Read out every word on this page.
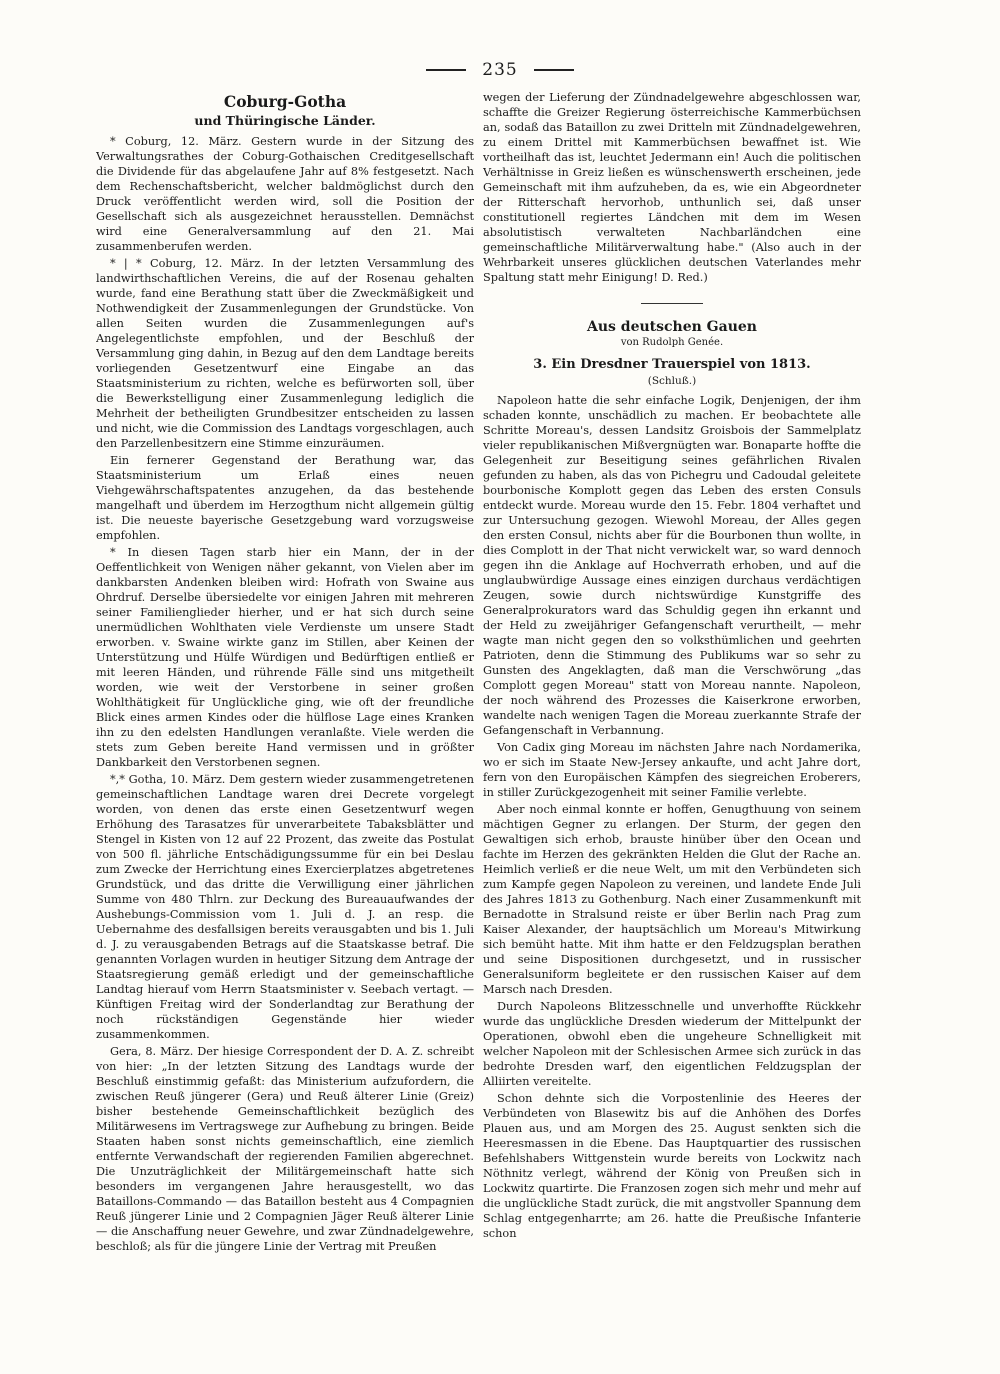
235
Coburg-Gotha
und Thüringische Länder.

* Coburg, 12. März. Gestern wurde in der Sitzung des Verwaltungsrathes der Coburg-Gothaischen Creditgesellschaft die Dividende für das abgelaufene Jahr auf 8% festgesetzt. Nach dem Rechenschaftsbericht, welcher baldmöglichst durch den Druck veröffentlicht werden wird, soll die Position der Gesellschaft sich als ausgezeichnet herausstellen. Demnächst wird eine Generalversammlung auf den 21. Mai zusammenberufen werden.

* | * Coburg, 12. März. In der letzten Versammlung des landwirthschaftlichen Vereins, die auf der Rosenau gehalten wurde, fand eine Berathung statt über die Zweckmäßigkeit und Nothwendigkeit der Zusammenlegungen der Grundstücke. Von allen Seiten wurden die Zusammenlegungen auf's Angelegentlichste empfohlen, und der Beschluß der Versammlung ging dahin, in Bezug auf den dem Landtage bereits vorliegenden Gesetzentwurf eine Eingabe an das Staatsministerium zu richten, welche es befürworten soll, über die Bewerkstelligung einer Zusammenlegung lediglich die Mehrheit der betheiligten Grundbesitzer entscheiden zu lassen und nicht, wie die Commission des Landtags vorgeschlagen, auch den Parzellenbesitzern eine Stimme einzuräumen.

Ein fernerer Gegenstand der Berathung war, das Staatsministerium um Erlaß eines neuen Viehgewährschaftspatentes anzugehen, da das bestehende mangelhaft und überdem im Herzogthum nicht allgemein gültig ist. Die neueste bayerische Gesetzgebung ward vorzugsweise empfohlen.

* In diesen Tagen starb hier ein Mann, der in der Oeffentlichkeit von Wenigen näher gekannt, von Vielen aber im dankbarsten Andenken bleiben wird: Hofrath von Swaine aus Ohrdruf. Derselbe übersiedelte vor einigen Jahren mit mehreren seiner Familienglieder hierher, und er hat sich durch seine unermüdlichen Wohlthaten viele Verdienste um unsere Stadt erworben. v. Swaine wirkte ganz im Stillen, aber Keinen der Unterstützung und Hülfe Würdigen und Bedürftigen entließ er mit leeren Händen, und rührende Fälle sind uns mitgetheilt worden, wie weit der Verstorbene in seiner großen Wohlthätigkeit für Unglückliche ging, wie oft der freundliche Blick eines armen Kindes oder die hülflose Lage eines Kranken ihn zu den edelsten Handlungen veranlaßte. Viele werden die stets zum Geben bereite Hand vermissen und in größter Dankbarkeit den Verstorbenen segnen.

*,* Gotha, 10. März. Dem gestern wieder zusammengetretenen gemeinschaftlichen Landtage waren drei Decrete vorgelegt worden, von denen das erste einen Gesetzentwurf wegen Erhöhung des Tarasatzes für unverarbeitete Tabaksblätter und Stengel in Kisten von 12 auf 22 Prozent, das zweite das Postulat von 500 fl. jährliche Entschädigungssumme für ein bei Deslau zum Zwecke der Herrichtung eines Exercierplatzes abgetretenes Grundstück, und das dritte die Verwilligung einer jährlichen Summe von 480 Thlrn. zur Deckung des Bureauaufwandes der Aushebungs-Commission vom 1. Juli d. J. an resp. die Uebernahme des desfallsigen bereits verausgabten und bis 1. Juli d. J. zu verausgabenden Betrags auf die Staatskasse betraf. Die genannten Vorlagen wurden in heutiger Sitzung dem Antrage der Staatsregierung gemäß erledigt und der gemeinschaftliche Landtag hierauf vom Herrn Staatsminister v. Seebach vertagt. — Künftigen Freitag wird der Sonderlandtag zur Berathung der noch rückständigen Gegenstände hier wieder zusammenkommen.

Gera, 8. März. Der hiesige Correspondent der D. A. Z. schreibt von hier: „In der letzten Sitzung des Landtags wurde der Beschluß einstimmig gefaßt: das Ministerium aufzufordern, die zwischen Reuß jüngerer (Gera) und Reuß älterer Linie (Greiz) bisher bestehende Gemeinschaftlichkeit bezüglich des Militärwesens im Vertragswege zur Aufhebung zu bringen. Beide Staaten haben sonst nichts gemeinschaftlich, eine ziemlich entfernte Verwandschaft der regierenden Familien abgerechnet. Die Unzuträglichkeit der Militärgemeinschaft hatte sich besonders im vergangenen Jahre herausgestellt, wo das Bataillons-Commando — das Bataillon besteht aus 4 Compagnien Reuß jüngerer Linie und 2 Compagnien Jäger Reuß älterer Linie — die Anschaffung neuer Gewehre, und zwar Zündnadelgewehre, beschloß; als für die jüngere Linie der Vertrag mit Preußen

wegen der Lieferung der Zündnadelgewehre abgeschlossen war, schaffte die Greizer Regierung österreichische Kammerbüchsen an, sodaß das Bataillon zu zwei Dritteln mit Zündnadelgewehren, zu einem Drittel mit Kammerbüchsen bewaffnet ist. Wie vortheilhaft das ist, leuchtet Jedermann ein! Auch die politischen Verhältnisse in Greiz ließen es wünschenswerth erscheinen, jede Gemeinschaft mit ihm aufzuheben, da es, wie ein Abgeordneter der Ritterschaft hervorhob, unthunlich sei, daß unser constitutionell regiertes Ländchen mit dem im Wesen absolutistisch verwalteten Nachbarländchen eine gemeinschaftliche Militärverwaltung habe." (Also auch in der Wehrbarkeit unseres glücklichen deutschen Vaterlandes mehr Spaltung statt mehr Einigung! D. Red.)

Aus deutschen Gauen
von Rudolph Genée.
3. Ein Dresdner Trauerspiel von 1813.
(Schluß.)

Napoleon hatte die sehr einfache Logik, Denjenigen, der ihm schaden konnte, unschädlich zu machen. Er beobachtete alle Schritte Moreau's, dessen Landsitz Groisbois der Sammelplatz vieler republikanischen Mißvergnügten war. Bonaparte hoffte die Gelegenheit zur Beseitigung seines gefährlichen Rivalen gefunden zu haben, als das von Pichegru und Cadoudal geleitete bourbonische Komplott gegen das Leben des ersten Consuls entdeckt wurde. Moreau wurde den 15. Febr. 1804 verhaftet und zur Untersuchung gezogen. Wiewohl Moreau, der Alles gegen den ersten Consul, nichts aber für die Bourbonen thun wollte, in dies Complott in der That nicht verwickelt war, so ward dennoch gegen ihn die Anklage auf Hochverrath erhoben, und auf die unglaubwürdige Aussage eines einzigen durchaus verdächtigen Zeugen, sowie durch nichtswürdige Kunstgriffe des Generalprokurators ward das Schuldig gegen ihn erkannt und der Held zu zweijähriger Gefangenschaft verurtheilt, — mehr wagte man nicht gegen den so volksthümlichen und geehrten Patrioten, denn die Stimmung des Publikums war so sehr zu Gunsten des Angeklagten, daß man die Verschwörung „das Complott gegen Moreau" statt von Moreau nannte. Napoleon, der noch während des Prozesses die Kaiserkrone erworben, wandelte nach wenigen Tagen die Moreau zuerkannte Strafe der Gefangenschaft in Verbannung.

Von Cadix ging Moreau im nächsten Jahre nach Nordamerika, wo er sich im Staate New-Jersey ankaufte, und acht Jahre dort, fern von den Europäischen Kämpfen des siegreichen Eroberers, in stiller Zurückgezogenheit mit seiner Familie verlebte.

Aber noch einmal konnte er hoffen, Genugthuung von seinem mächtigen Gegner zu erlangen. Der Sturm, der gegen den Gewaltigen sich erhob, brauste hinüber über den Ocean und fachte im Herzen des gekränkten Helden die Glut der Rache an. Heimlich verließ er die neue Welt, um mit den Verbündeten sich zum Kampfe gegen Napoleon zu vereinen, und landete Ende Juli des Jahres 1813 zu Gothenburg. Nach einer Zusammenkunft mit Bernadotte in Stralsund reiste er über Berlin nach Prag zum Kaiser Alexander, der hauptsächlich um Moreau's Mitwirkung sich bemüht hatte. Mit ihm hatte er den Feldzugsplan berathen und seine Dispositionen durchgesetzt, und in russischer Generalsuniform begleitete er den russischen Kaiser auf dem Marsch nach Dresden.

Durch Napoleons Blitzesschnelle und unverhoffte Rückkehr wurde das unglückliche Dresden wiederum der Mittelpunkt der Operationen, obwohl eben die ungeheure Schnelligkeit mit welcher Napoleon mit der Schlesischen Armee sich zurück in das bedrohte Dresden warf, den eigentlichen Feldzugsplan der Alliirten vereitelte.

Schon dehnte sich die Vorpostenlinie des Heeres der Verbündeten von Blasewitz bis auf die Anhöhen des Dorfes Plauen aus, und am Morgen des 25. August senkten sich die Heeresmassen in die Ebene. Das Hauptquartier des russischen Befehlshabers Wittgenstein wurde bereits von Lockwitz nach Nöthnitz verlegt, während der König von Preußen sich in Lockwitz quartirte. Die Franzosen zogen sich mehr und mehr auf die unglückliche Stadt zurück, die mit angstvoller Spannung dem Schlag entgegenharrte; am 26. hatte die Preußische Infanterie schon
